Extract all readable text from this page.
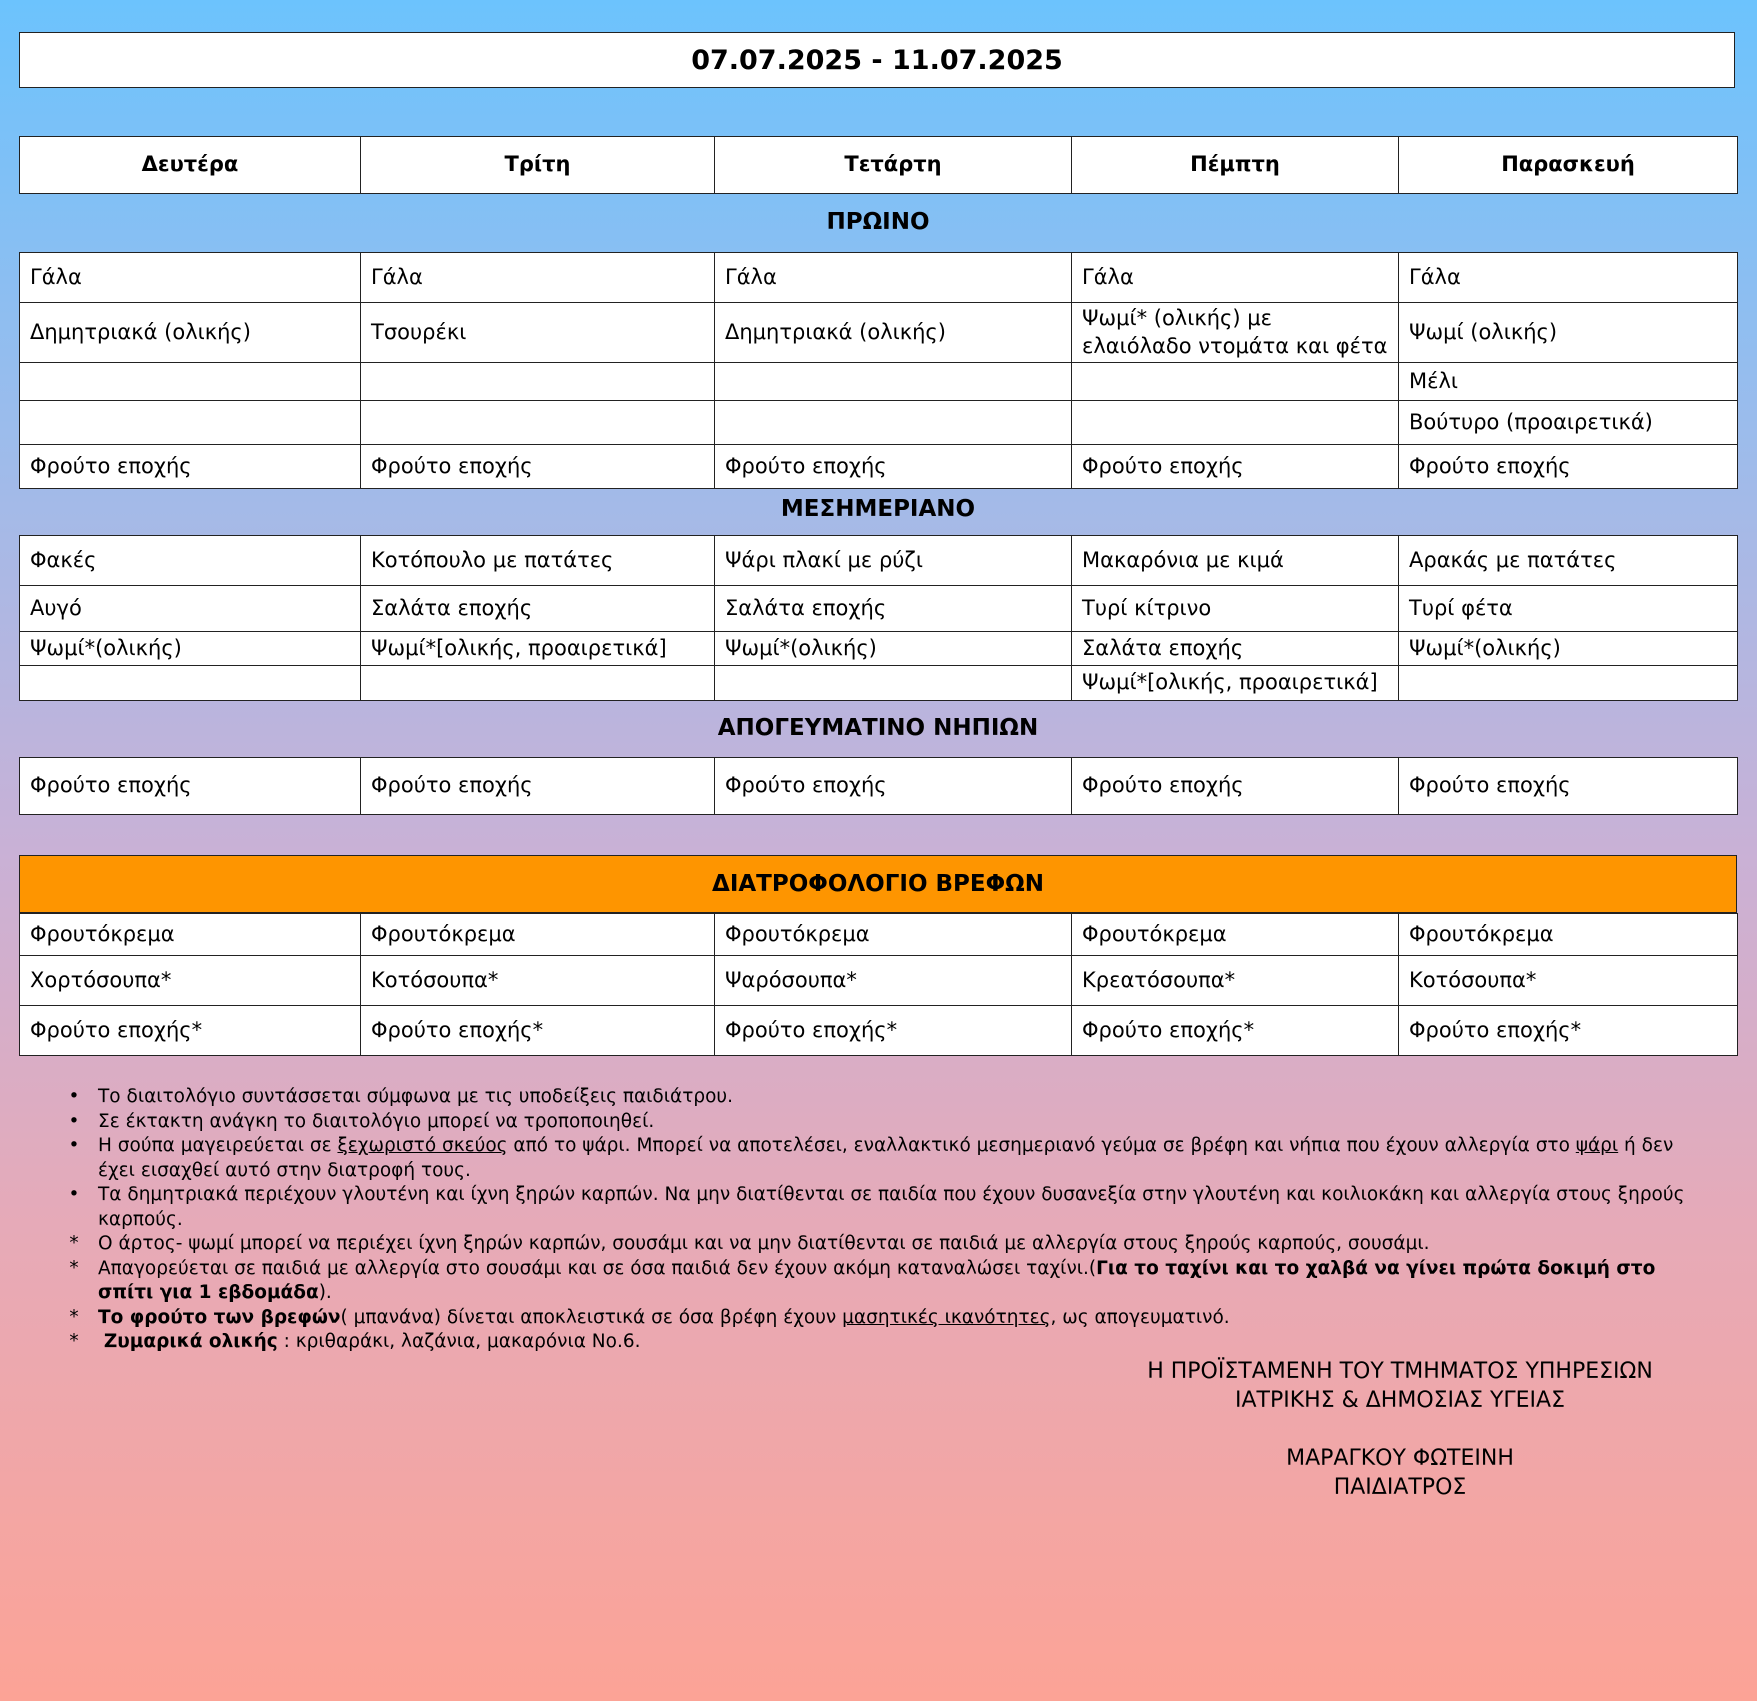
07.07.2025 - 11.07.2025
Δευτέρα	Τρίτη	Τετάρτη	Πέμπτη	Παρασκευή
ΠΡΩΙΝΟ
Γάλα	Γάλα	Γάλα	Γάλα	Γάλα
Δημητριακά (ολικής)	Τσουρέκι	Δημητριακά (ολικής)	Ψωμί* (ολικής) με ελαιόλαδο ντομάτα και φέτα	Ψωμί (ολικής)
				Μέλι
				Βούτυρο (προαιρετικά)
Φρούτο εποχής	Φρούτο εποχής	Φρούτο εποχής	Φρούτο εποχής	Φρούτο εποχής
ΜΕΣΗΜΕΡΙΑΝΟ
Φακές	Κοτόπουλο με πατάτες	Ψάρι πλακί με ρύζι	Μακαρόνια με κιμά	Αρακάς με πατάτες
Αυγό	Σαλάτα εποχής	Σαλάτα εποχής	Τυρί κίτρινο	Τυρί φέτα
Ψωμί*(ολικής)	Ψωμί*[ολικής, προαιρετικά]	Ψωμί*(ολικής)	Σαλάτα εποχής	Ψωμί*(ολικής)
			Ψωμί*[ολικής, προαιρετικά]	
ΑΠΟΓΕΥΜΑΤΙΝΟ ΝΗΠΙΩΝ
Φρούτο εποχής	Φρούτο εποχής	Φρούτο εποχής	Φρούτο εποχής	Φρούτο εποχής
ΔΙΑΤΡΟΦΟΛΟΓΙΟ ΒΡΕΦΩΝ
Φρουτόκρεμα	Φρουτόκρεμα	Φρουτόκρεμα	Φρουτόκρεμα	Φρουτόκρεμα
Χορτόσουπα*	Κοτόσουπα*	Ψαρόσουπα*	Κρεατόσουπα*	Κοτόσουπα*
Φρούτο εποχής*	Φρούτο εποχής*	Φρούτο εποχής*	Φρούτο εποχής*	Φρούτο εποχής*
• Το διαιτολόγιο συντάσσεται σύμφωνα με τις υποδείξεις παιδιάτρου.
• Σε έκτακτη ανάγκη το διαιτολόγιο μπορεί να τροποποιηθεί.
• Η σούπα μαγειρεύεται σε ξεχωριστό σκεύος από το ψάρι. Μπορεί να αποτελέσει, εναλλακτικό μεσημεριανό γεύμα σε βρέφη και νήπια που έχουν αλλεργία στο ψάρι ή δεν έχει εισαχθεί αυτό στην διατροφή τους.
• Τα δημητριακά περιέχουν γλουτένη και ίχνη ξηρών καρπών. Να μην διατίθενται σε παιδία που έχουν δυσανεξία στην γλουτένη και κοιλιοκάκη και αλλεργία στους ξηρούς καρπούς.
* Ο άρτος- ψωμί μπορεί να περιέχει ίχνη ξηρών καρπών, σουσάμι και να μην διατίθενται σε παιδιά με αλλεργία στους ξηρούς καρπούς, σουσάμι.
* Απαγορεύεται σε παιδιά με αλλεργία στο σουσάμι και σε όσα παιδιά δεν έχουν ακόμη καταναλώσει ταχίνι.(Για το ταχίνι και το χαλβά να γίνει πρώτα δοκιμή στο σπίτι για 1 εβδομάδα).
* Το φρούτο των βρεφών( μπανάνα) δίνεται αποκλειστικά σε όσα βρέφη έχουν μασητικές ικανότητες, ως απογευματινό.
* Ζυμαρικά ολικής : κριθαράκι, λαζάνια, μακαρόνια Νο.6.
Η ΠΡΟΪΣΤΑΜΕΝΗ ΤΟΥ ΤΜΗΜΑΤΟΣ ΥΠΗΡΕΣΙΩΝ
ΙΑΤΡΙΚΗΣ & ΔΗΜΟΣΙΑΣ ΥΓΕΙΑΣ
ΜΑΡΑΓΚΟΥ ΦΩΤΕΙΝΗ
ΠΑΙΔΙΑΤΡΟΣ
